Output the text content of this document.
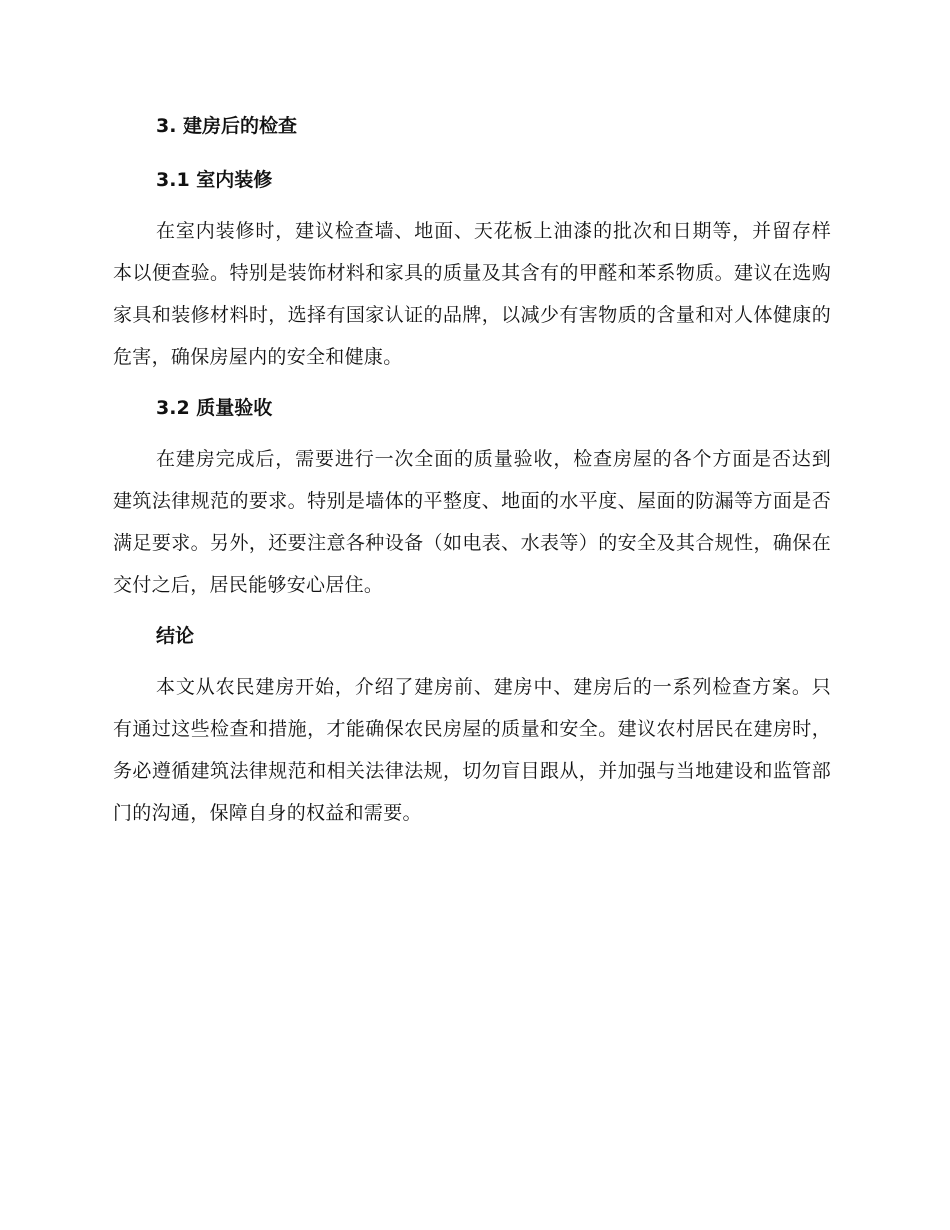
3. 建房后的检查
3.1 室内装修

在室内装修时，建议检查墙、地面、天花板上油漆的批次和日期等，并留存样本以便查验。特别是装饰材料和家具的质量及其含有的甲醛和苯系物质。建议在选购家具和装修材料时，选择有国家认证的品牌，以减少有害物质的含量和对人体健康的危害，确保房屋内的安全和健康。

3.2 质量验收

在建房完成后，需要进行一次全面的质量验收，检查房屋的各个方面是否达到建筑法律规范的要求。特别是墙体的平整度、地面的水平度、屋面的防漏等方面是否满足要求。另外，还要注意各种设备（如电表、水表等）的安全及其合规性，确保在交付之后，居民能够安心居住。

结论

本文从农民建房开始，介绍了建房前、建房中、建房后的一系列检查方案。只有通过这些检查和措施，才能确保农民房屋的质量和安全。建议农村居民在建房时，务必遵循建筑法律规范和相关法律法规，切勿盲目跟从，并加强与当地建设和监管部门的沟通，保障自身的权益和需要。
